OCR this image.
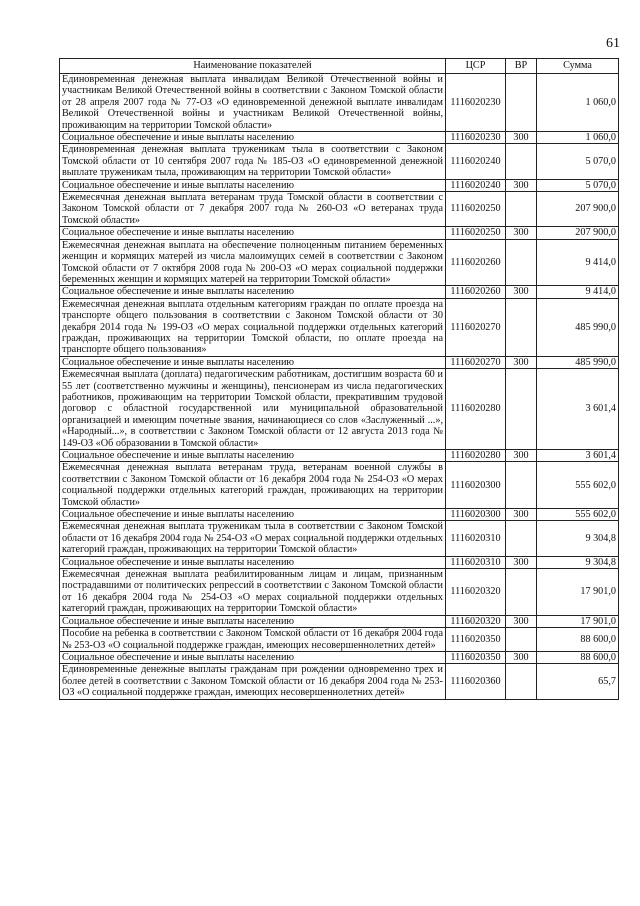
61
Наименование показателей	ЦСР	ВР	Сумма
Единовременная денежная выплата инвалидам Великой Отечественной войны и участникам Великой Отечественной войны в соответствии с Законом Томской области от 28 апреля 2007 года № 77-ОЗ «О единовременной денежной выплате инвалидам Великой Отечественной войны и участникам Великой Отечественной войны, проживающим на территории Томской области»	1116020230		1 060,0
Социальное обеспечение и иные выплаты населению	1116020230	300	1 060,0
Единовременная денежная выплата труженикам тыла в соответствии с Законом Томской области от 10 сентября 2007 года № 185-ОЗ «О единовременной денежной выплате труженикам тыла, проживающим на территории Томской области»	1116020240		5 070,0
Социальное обеспечение и иные выплаты населению	1116020240	300	5 070,0
Ежемесячная денежная выплата ветеранам труда Томской области в соответствии с Законом Томской области от 7 декабря 2007 года № 260-ОЗ «О ветеранах труда Томской области»	1116020250		207 900,0
Социальное обеспечение и иные выплаты населению	1116020250	300	207 900,0
Ежемесячная денежная выплата на обеспечение полноценным питанием беременных женщин и кормящих матерей из числа малоимущих семей в соответствии с Законом Томской области от 7 октября 2008 года № 200-ОЗ «О мерах социальной поддержки беременных женщин и кормящих матерей на территории Томской области»	1116020260		9 414,0
Социальное обеспечение и иные выплаты населению	1116020260	300	9 414,0
Ежемесячная денежная выплата отдельным категориям граждан по оплате проезда на транспорте общего пользования в соответствии с Законом Томской области от 30 декабря 2014 года № 199-ОЗ «О мерах социальной поддержки отдельных категорий граждан, проживающих на территории Томской области, по оплате проезда на транспорте общего пользования»	1116020270		485 990,0
Социальное обеспечение и иные выплаты населению	1116020270	300	485 990,0
Ежемесячная выплата (доплата) педагогическим работникам, достигшим возраста 60 и 55 лет (соответственно мужчины и женщины), пенсионерам из числа педагогических работников, проживающим на территории Томской области, прекратившим трудовой договор с областной государственной или муниципальной образовательной организацией и имеющим почетные звания, начинающиеся со слов «Заслуженный ...», «Народный...», в соответствии с Законом Томской области от 12 августа 2013 года № 149-ОЗ «Об образовании в Томской области»	1116020280		3 601,4
Социальное обеспечение и иные выплаты населению	1116020280	300	3 601,4
Ежемесячная денежная выплата ветеранам труда, ветеранам военной службы в соответствии с Законом Томской области от 16 декабря 2004 года № 254-ОЗ «О мерах социальной поддержки отдельных категорий граждан, проживающих на территории Томской области»	1116020300		555 602,0
Социальное обеспечение и иные выплаты населению	1116020300	300	555 602,0
Ежемесячная денежная выплата труженикам тыла в соответствии с Законом Томской области от 16 декабря 2004 года № 254-ОЗ «О мерах социальной поддержки отдельных категорий граждан, проживающих на территории Томской области»	1116020310		9 304,8
Социальное обеспечение и иные выплаты населению	1116020310	300	9 304,8
Ежемесячная денежная выплата реабилитированным лицам и лицам, признанным пострадавшими от политических репрессий в соответствии с Законом Томской области от 16 декабря 2004 года № 254-ОЗ «О мерах социальной поддержки отдельных категорий граждан, проживающих на территории Томской области»	1116020320		17 901,0
Социальное обеспечение и иные выплаты населению	1116020320	300	17 901,0
Пособие на ребенка в соответствии с Законом Томской области от 16 декабря 2004 года № 253-ОЗ «О социальной поддержке граждан, имеющих несовершеннолетних детей»	1116020350		88 600,0
Социальное обеспечение и иные выплаты населению	1116020350	300	88 600,0
Единовременные денежные выплаты гражданам при рождении одновременно трех и более детей в соответствии с Законом Томской области от 16 декабря 2004 года № 253-ОЗ «О социальной поддержке граждан, имеющих несовершеннолетних детей»	1116020360		65,7
